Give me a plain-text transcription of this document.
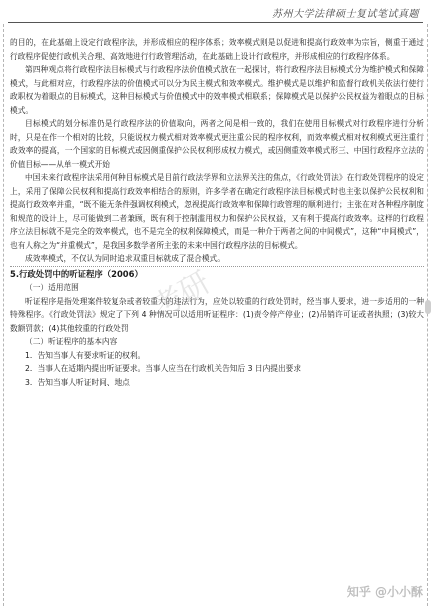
苏州大学法律硕士复试笔试真题

的目的，在此基础上设定行政程序法，并形成相应的程序体系；效率模式则是以促进和提高行政效率为宗旨，侧重于通过行政程序促使行政机关合理、高效地进行行政管理活动，在此基础上设计行政程序，并形成相应的行政程序体系。

第四种观点将行政程序法目标模式与行政程序法价值模式放在一起探讨，将行政程序法目标模式分为维护模式和保障模式，与此相对应，行政程序法的价值模式可以分为民主模式和效率模式。维护模式是以维护和监督行政机关依法行使行政职权为着眼点的目标模式，这种目标模式与价值模式中的效率模式相联系；保障模式是以保护公民权益为着眼点的目标模式。

目标模式的划分标准仍是行政程序法的价值取向，两者之间是相一致的，我们在使用目标模式对行政程序进行分析时，只是在作一个相对的比较，只能说权力模式相对效率模式更注重公民的程序权利，而效率模式相对权利模式更注重行政效率的提高，一个国家的目标模式或因侧重保护公民权利形成权力模式，或因侧重效率模式形三、中国行政程序立法的价值目标——从单一模式开始

中国未来行政程序法采用何种目标模式是目前行政法学界和立法界关注的焦点，《行政处罚法》在行政处罚程序的设定上，采用了保障公民权利和提高行政效率相结合的原则，许多学者在确定行政程序法目标模式时也主张以保护公民权利和提高行政效率并重，“既不能无条件强调权利模式，忽视提高行政效率和保障行政管理的顺利进行；主张在对各种程序制度和规范的设计上，尽可能做到二者兼顾，既有利于控制滥用权力和保护公民权益，又有利于提高行政效率。这样的行政程序立法目标就不是完全的效率模式，也不是完全的权利保障模式，而是一种介于两者之间的中间模式”，这种“中间模式”，也有人称之为“并重模式”，是我国多数学者所主张的未来中国行政程序法的目标模式。

成效率模式，不仅认为同时追求双重目标就成了混合模式。

5.行政处罚中的听证程序（2006）

（一）适用范围

听证程序是指处理案件较复杂或者较重大的违法行为，应处以较重的行政处罚时，经当事人要求，进一步适用的一种特殊程序。《行政处罚法》规定了下列 4 种情况可以适用听证程序：(1)责令停产停业；(2)吊销许可证或者执照；(3)较大数额罚款；(4)其他较重的行政处罚

（二）听证程序的基本内容

1．告知当事人有要求听证的权利。

2．当事人在适期内提出听证要求。当事人应当在行政机关告知后 3 日内提出要求

3．告知当事人听证时间、地点

考研
知乎 @小小酥
